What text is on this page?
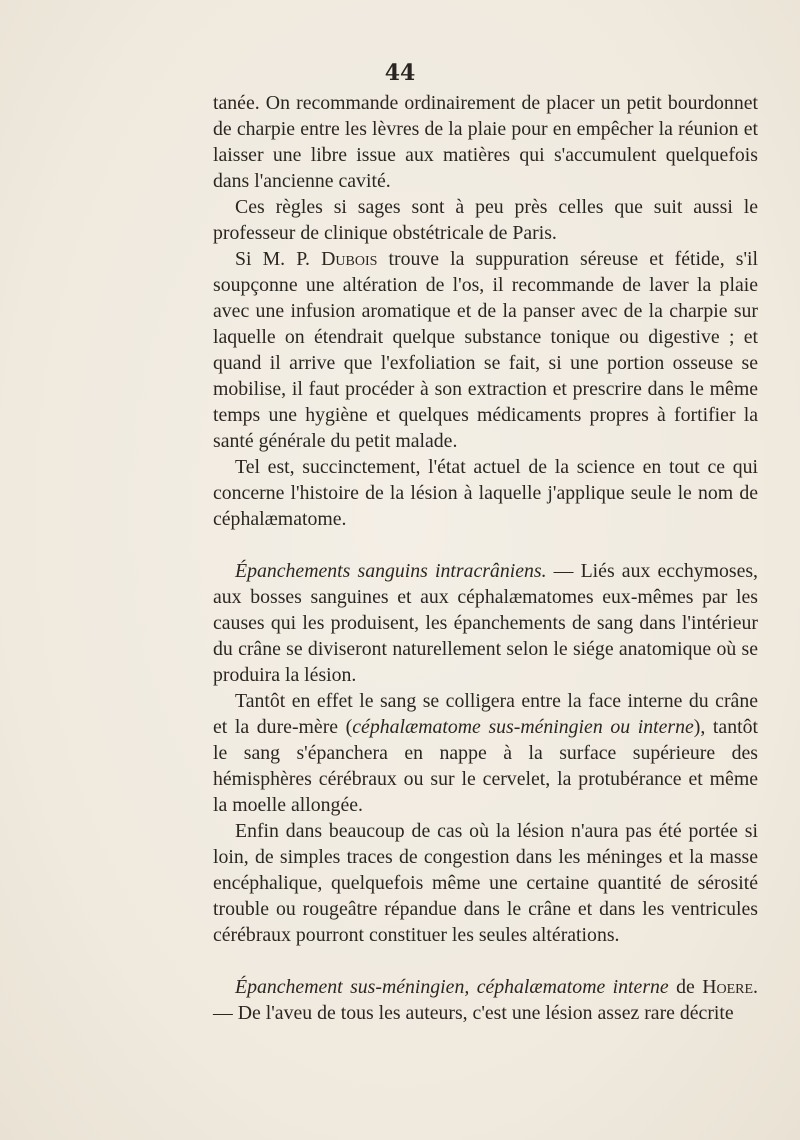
44

tanée. On recommande ordinairement de placer un petit bourdonnet de charpie entre les lèvres de la plaie pour en empêcher la réunion et laisser une libre issue aux matières qui s'accumulent quelquefois dans l'ancienne cavité.

Ces règles si sages sont à peu près celles que suit aussi le professeur de clinique obstétricale de Paris.

Si M. P. Dubois trouve la suppuration séreuse et fétide, s'il soupçonne une altération de l'os, il recommande de laver la plaie avec une infusion aromatique et de la panser avec de la charpie sur laquelle on étendrait quelque substance tonique ou digestive ; et quand il arrive que l'exfoliation se fait, si une portion osseuse se mobilise, il faut procéder à son extraction et prescrire dans le même temps une hygiène et quelques médicaments propres à fortifier la santé générale du petit malade.

Tel est, succinctement, l'état actuel de la science en tout ce qui concerne l'histoire de la lésion à laquelle j'applique seule le nom de céphalæmatome.

Épanchements sanguins intracrâniens. — Liés aux ecchymoses, aux bosses sanguines et aux céphalæmatomes eux-mêmes par les causes qui les produisent, les épanchements de sang dans l'intérieur du crâne se diviseront naturellement selon le siége anatomique où se produira la lésion.

Tantôt en effet le sang se colligera entre la face interne du crâne et la dure-mère (céphalæmatome sus-méningien ou interne), tantôt le sang s'épanchera en nappe à la surface supérieure des hémisphères cérébraux ou sur le cervelet, la protubérance et même la moelle allongée.

Enfin dans beaucoup de cas où la lésion n'aura pas été portée si loin, de simples traces de congestion dans les méninges et la masse encéphalique, quelquefois même une certaine quantité de sérosité trouble ou rougeâtre répandue dans le crâne et dans les ventricules cérébraux pourront constituer les seules altérations.

Épanchement sus-méningien, céphalæmatome interne de Hoere. — De l'aveu de tous les auteurs, c'est une lésion assez rare décrite
